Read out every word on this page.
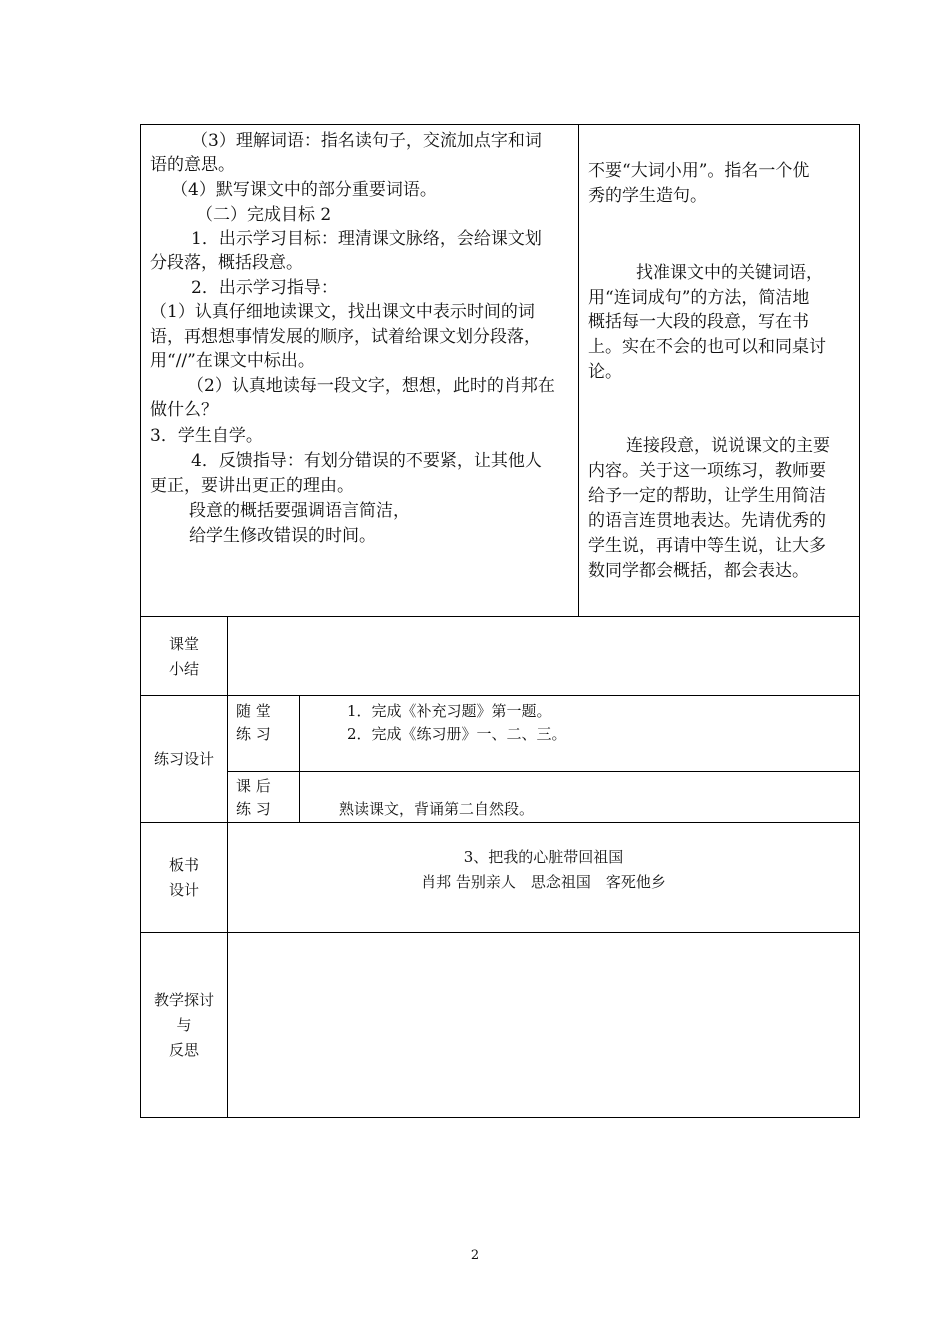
（3）理解词语：指名读句子，交流加点字和词
语的意思。
（4）默写课文中的部分重要词语。
（二）完成目标 2
1．出示学习目标：理清课文脉络，会给课文划
分段落，概括段意。
2．出示学习指导：
（1）认真仔细地读课文，找出课文中表示时间的词
语，再想想事情发展的顺序，试着给课文划分段落，
用“//”在课文中标出。
（2）认真地读每一段文字，想想，此时的肖邦在
做什么？
3．学生自学。
4．反馈指导：有划分错误的不要紧，让其他人
更正，要讲出更正的理由。
段意的概括要强调语言简洁，
给学生修改错误的时间。
不要“大词小用”。指名一个优
秀的学生造句。
找准课文中的关键词语，
用“连词成句”的方法，简洁地
概括每一大段的段意，写在书
上。实在不会的也可以和同桌讨
论。
连接段意，说说课文的主要
内容。关于这一项练习，教师要
给予一定的帮助，让学生用简洁
的语言连贯地表达。先请优秀的
学生说，再请中等生说，让大多
数同学都会概括，都会表达。
课堂
小结
练习设计
随 堂
练 习
1．完成《补充习题》第一题。
2．完成《练习册》一、二、三。
课 后
练 习	熟读课文，背诵第二自然段。
板书
设计
3、把我的心脏带回祖国
肖邦 告别亲人　思念祖国　客死他乡
教学探讨
与
反思
2
